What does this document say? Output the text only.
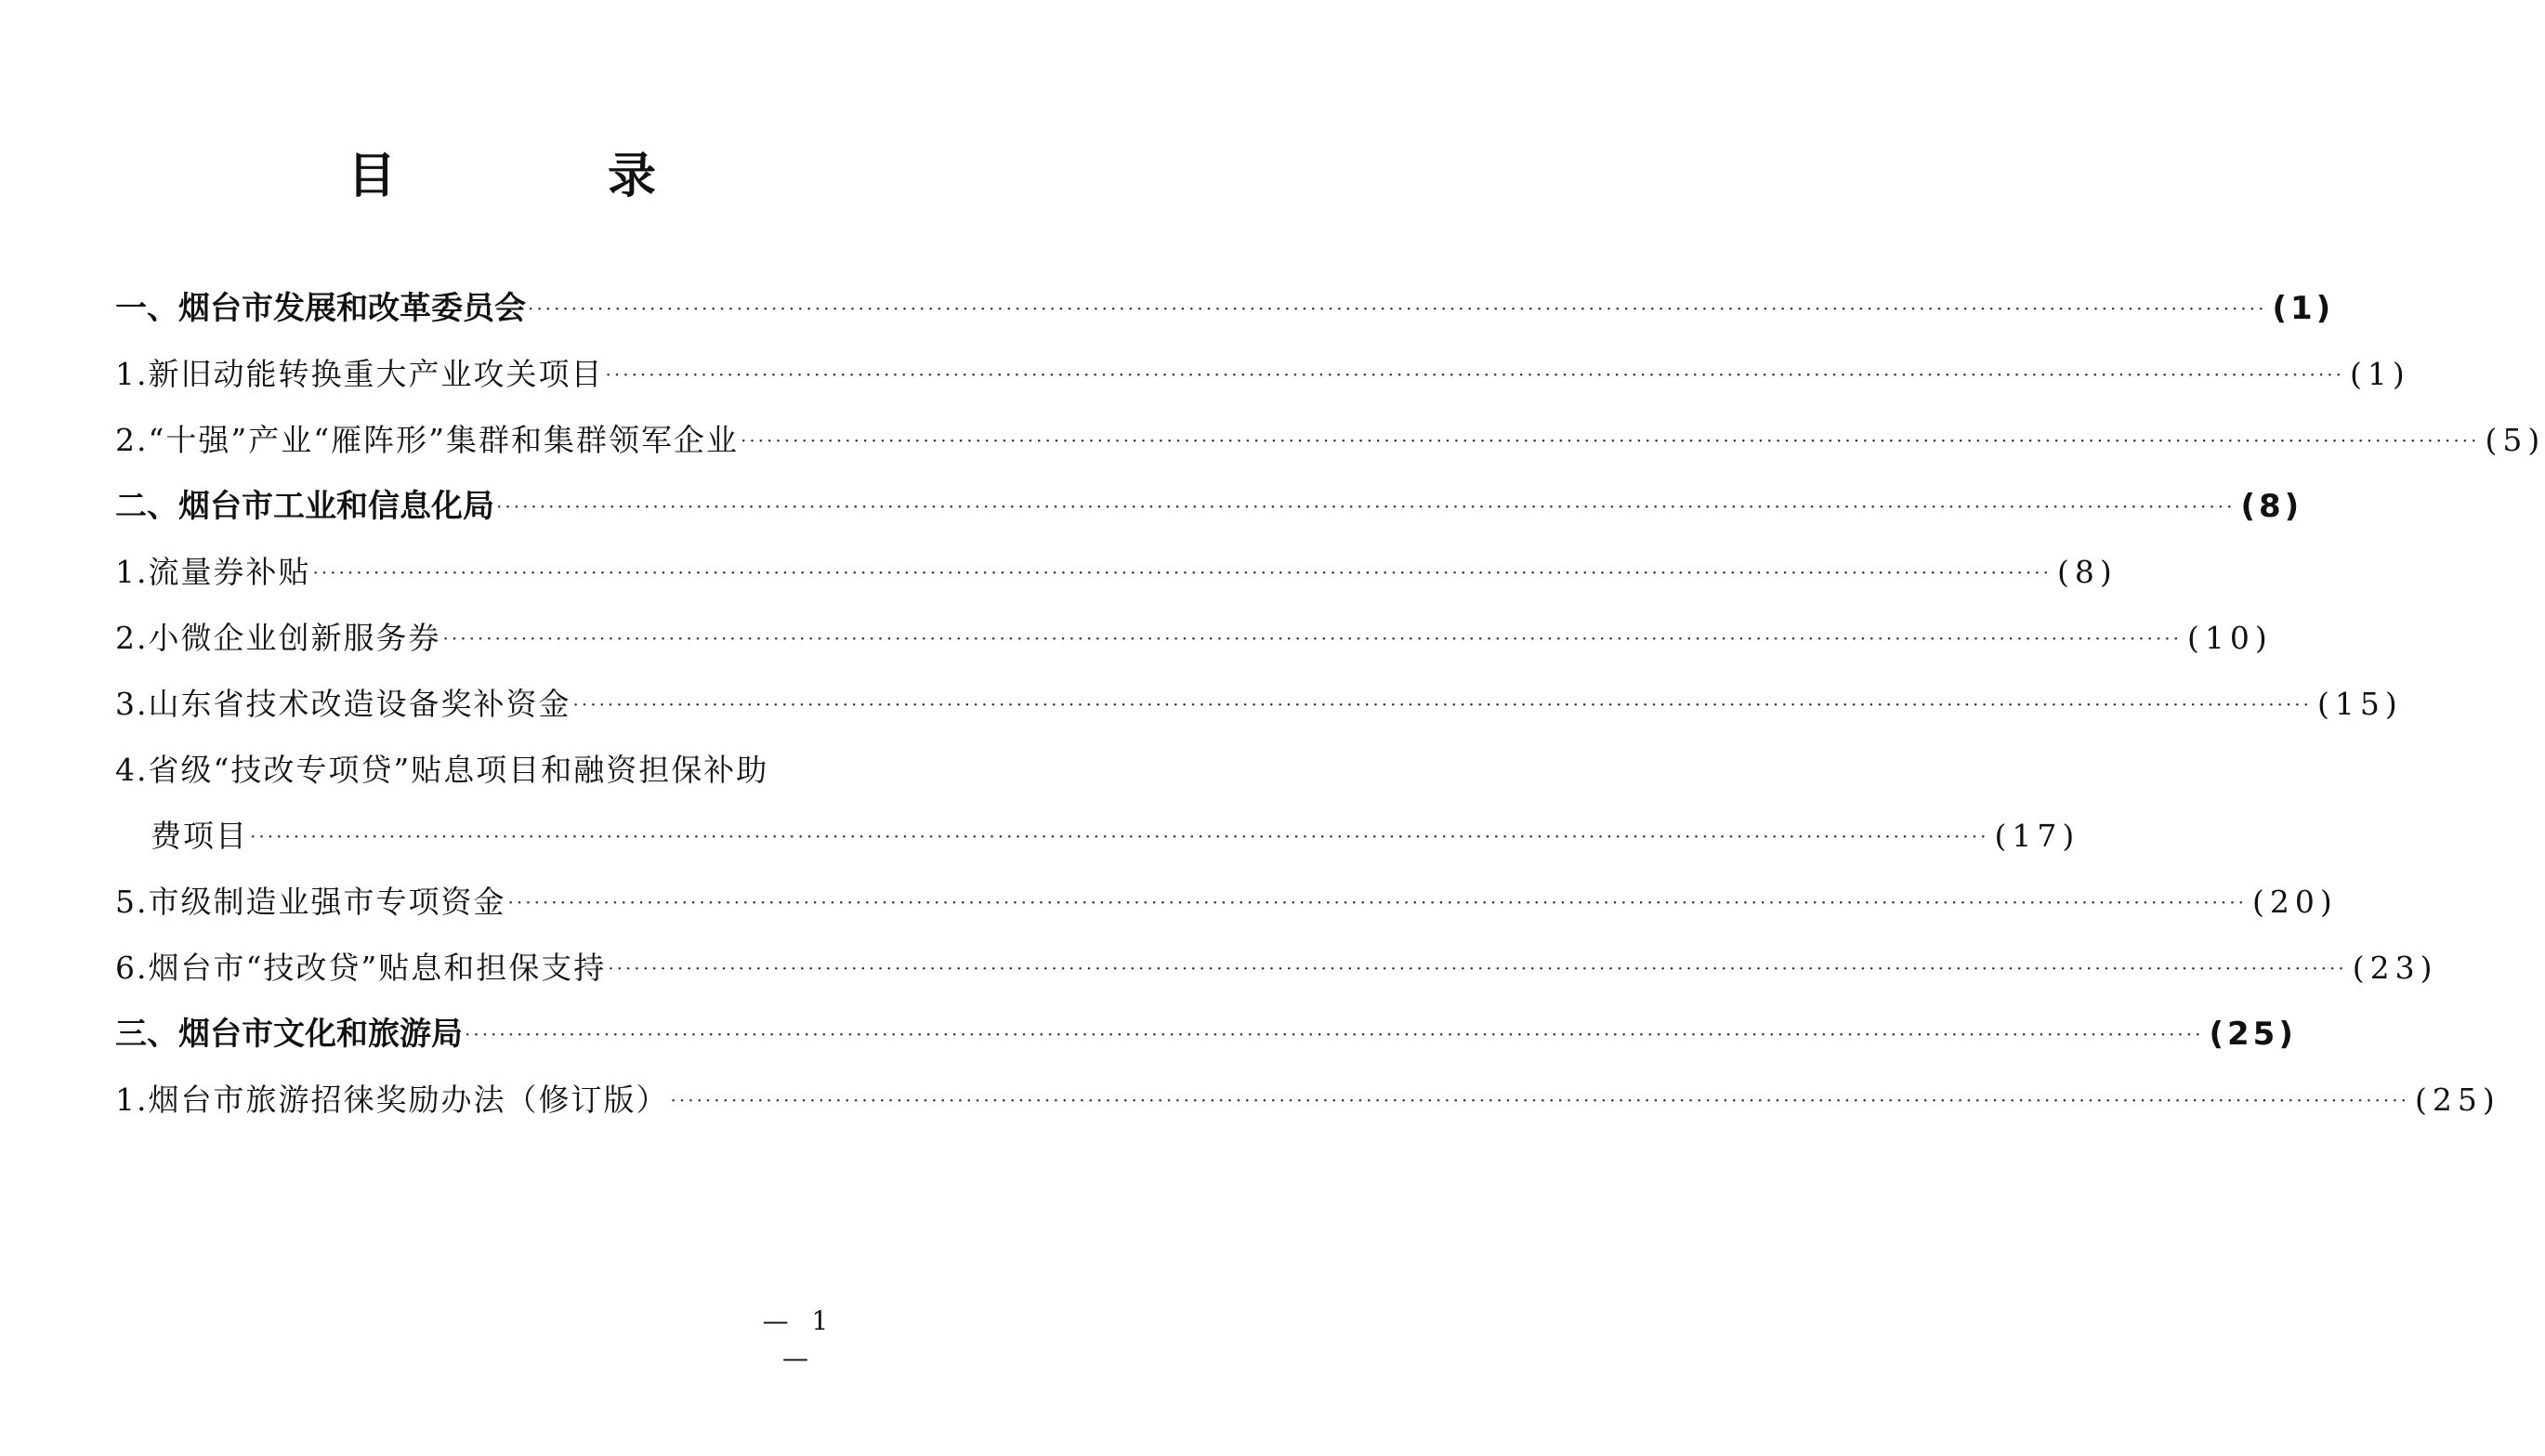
目　录
一、烟台市发展和改革委员会 ········································································································································································································ (1)
1.新旧动能转换重大产业攻关项目 ········································································································································································································ (1)
2.“十强”产业“雁阵形”集群和集群领军企业 ········································································································································································································ (5)
二、烟台市工业和信息化局 ········································································································································································································ (8)
1.流量券补贴 ········································································································································································································ (8)
2.小微企业创新服务券 ········································································································································································································ (10)
3.山东省技术改造设备奖补资金 ········································································································································································································ (15)
4.省级“技改专项贷”贴息项目和融资担保补助
费项目 ········································································································································································································ (17)
5.市级制造业强市专项资金 ········································································································································································································ (20)
6.烟台市“技改贷”贴息和担保支持 ········································································································································································································ (23)
三、烟台市文化和旅游局 ········································································································································································································ (25)
1.烟台市旅游招徕奖励办法（修订版） ········································································································································································································ (25)
— 1 —
